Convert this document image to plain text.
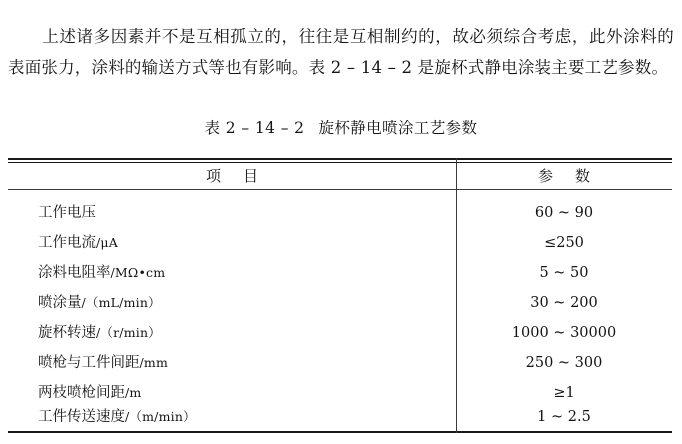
上述诸多因素并不是互相孤立的，往往是互相制约的，故必须综合考虑，此外涂料的表面张力，涂料的输送方式等也有影响。表 2 – 14 – 2 是旋杯式静电涂装主要工艺参数。

表 2 – 14 – 2 旋杯静电喷涂工艺参数
项 目	参 数
工作电压	60 ~ 90
工作电流/μA	≤250
涂料电阻率/MΩ•cm	5 ~ 50
喷涂量/（mL/min）	30 ~ 200
旋杯转速/（r/min）	1000 ~ 30000
喷枪与工件间距/mm	250 ~ 300
两枝喷枪间距/m	≥1
工件传送速度/（m/min）	1 ~ 2.5
